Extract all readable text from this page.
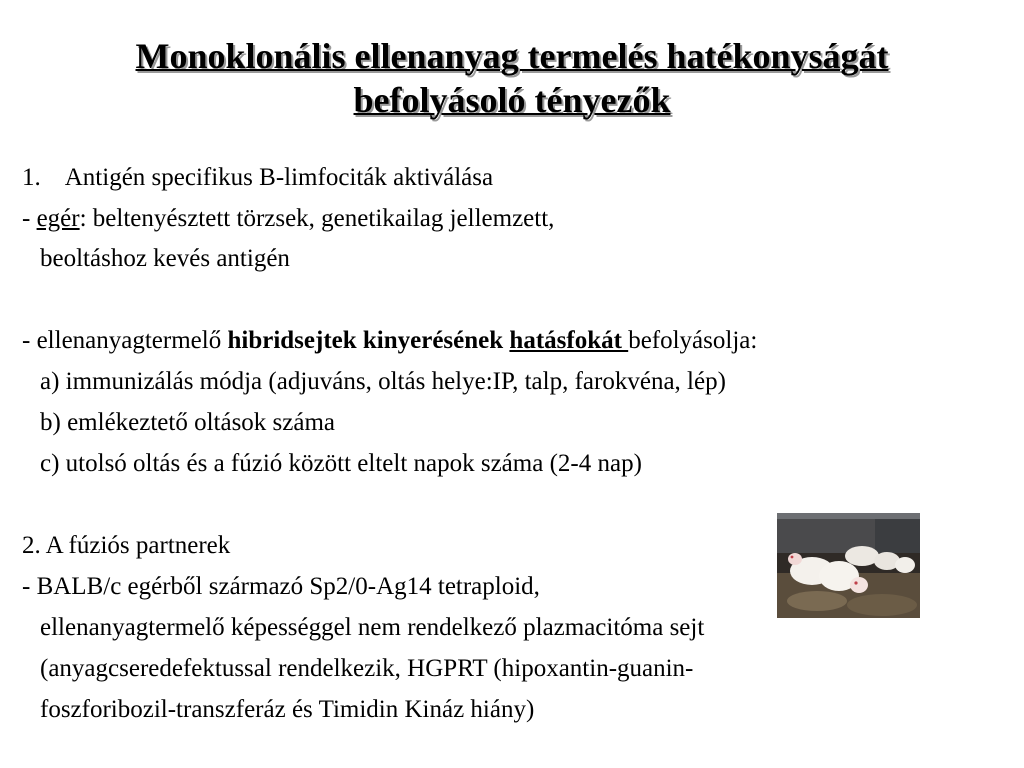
Monoklonális ellenanyag termelés hatékonyságát
befolyásoló tényezők
1. Antigén specifikus B-limfociták aktiválása
- egér: beltenyésztett törzsek, genetikailag jellemzett,
beoltáshoz kevés antigén
- ellenanyagtermelő hibridsejtek kinyerésének hatásfokát befolyásolja:
a) immunizálás módja (adjuváns, oltás helye:IP, talp, farokvéna, lép)
b) emlékeztető oltások száma
c) utolsó oltás és a fúzió között eltelt napok száma (2-4 nap)
2. A fúziós partnerek
- BALB/c egérből származó Sp2/0-Ag14 tetraploid,
ellenanyagtermelő képességgel nem rendelkező plazmacitóma sejt
(anyagcseredefektussal rendelkezik, HGPRT (hipoxantin-guanin-
foszforibozil-transzferáz és Timidin Kináz hiány)
